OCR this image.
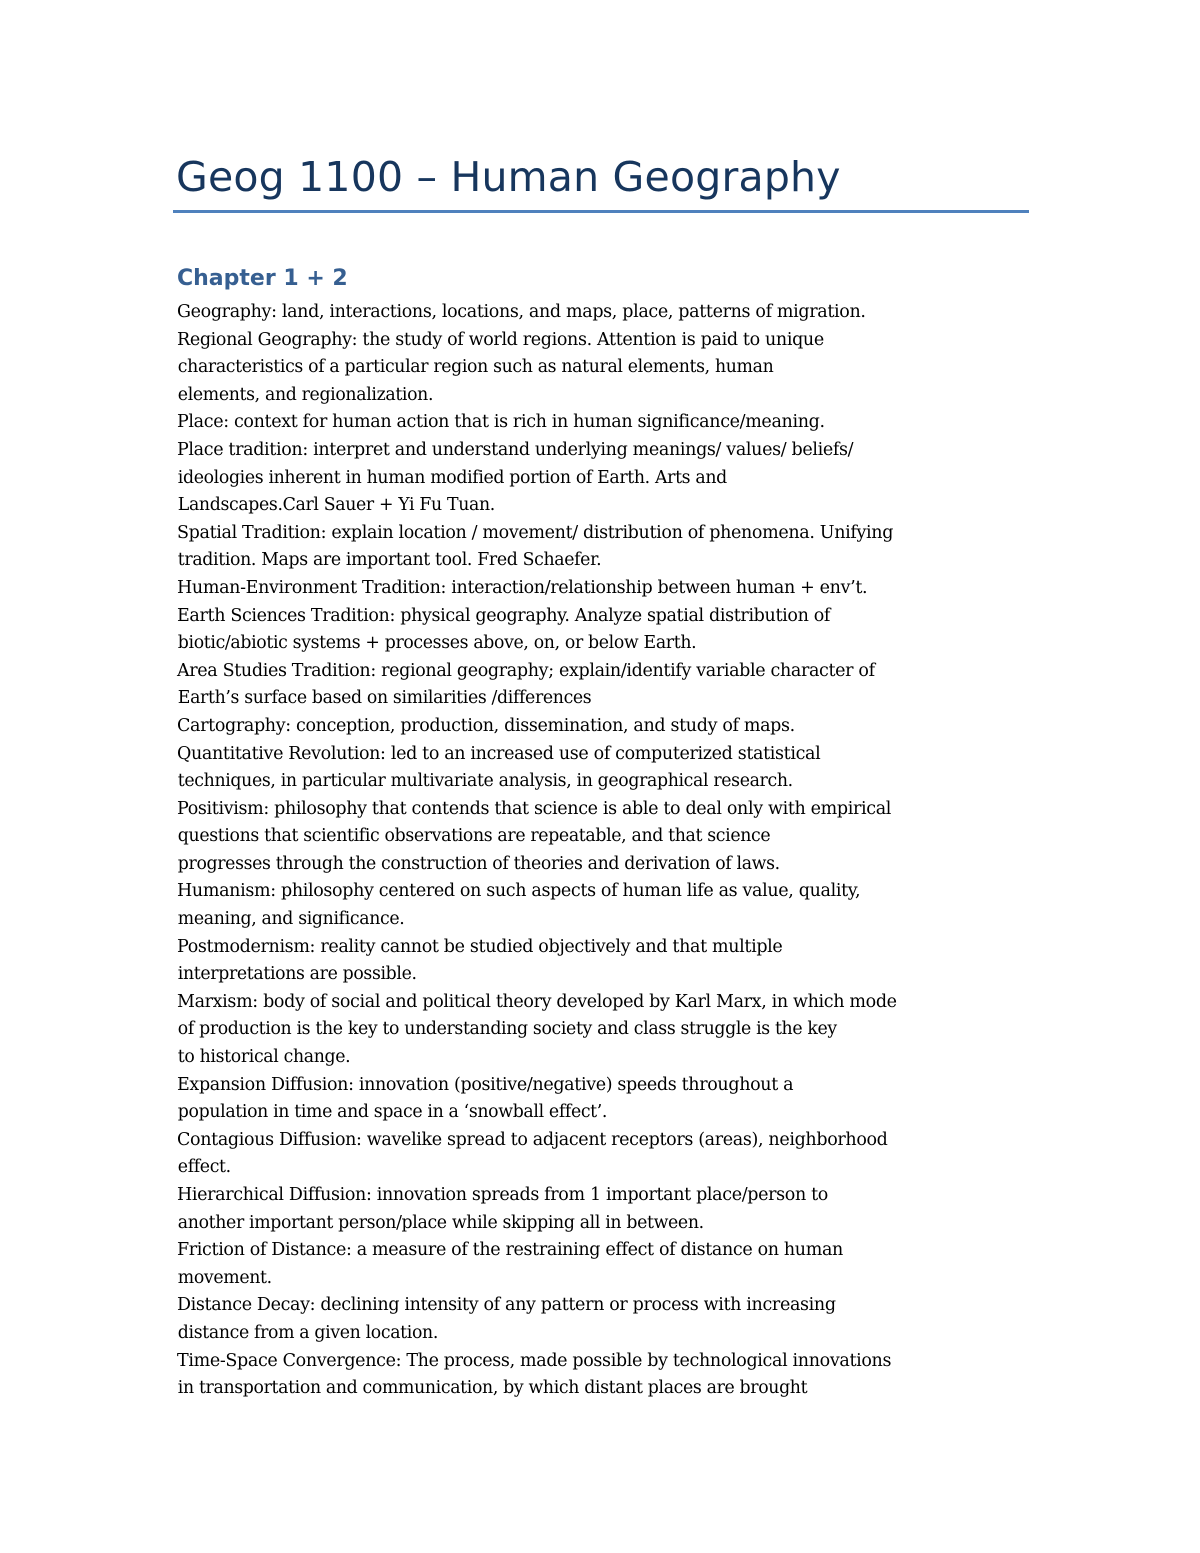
Geog 1100 – Human Geography
Chapter 1 + 2
Geography: land, interactions, locations, and maps, place, patterns of migration.
Regional Geography: the study of world regions. Attention is paid to unique
characteristics of a particular region such as natural elements, human
elements, and regionalization.
Place: context for human action that is rich in human significance/meaning.
Place tradition: interpret and understand underlying meanings/ values/ beliefs/
ideologies inherent in human modified portion of Earth. Arts and
Landscapes.Carl Sauer + Yi Fu Tuan.
Spatial Tradition: explain location / movement/ distribution of phenomena. Unifying
tradition. Maps are important tool. Fred Schaefer.
Human-Environment Tradition: interaction/relationship between human + env’t.
Earth Sciences Tradition: physical geography. Analyze spatial distribution of
biotic/abiotic systems + processes above, on, or below Earth.
Area Studies Tradition: regional geography; explain/identify variable character of
Earth’s surface based on similarities /differences
Cartography: conception, production, dissemination, and study of maps.
Quantitative Revolution: led to an increased use of computerized statistical
techniques, in particular multivariate analysis, in geographical research.
Positivism: philosophy that contends that science is able to deal only with empirical
questions that scientific observations are repeatable, and that science
progresses through the construction of theories and derivation of laws.
Humanism: philosophy centered on such aspects of human life as value, quality,
meaning, and significance.
Postmodernism: reality cannot be studied objectively and that multiple
interpretations are possible.
Marxism: body of social and political theory developed by Karl Marx, in which mode
of production is the key to understanding society and class struggle is the key
to historical change.
Expansion Diffusion: innovation (positive/negative) speeds throughout a
population in time and space in a ‘snowball effect’.
Contagious Diffusion: wavelike spread to adjacent receptors (areas), neighborhood
effect.
Hierarchical Diffusion: innovation spreads from 1 important place/person to
another important person/place while skipping all in between.
Friction of Distance: a measure of the restraining effect of distance on human
movement.
Distance Decay: declining intensity of any pattern or process with increasing
distance from a given location.
Time-Space Convergence: The process, made possible by technological innovations
in transportation and communication, by which distant places are brought
